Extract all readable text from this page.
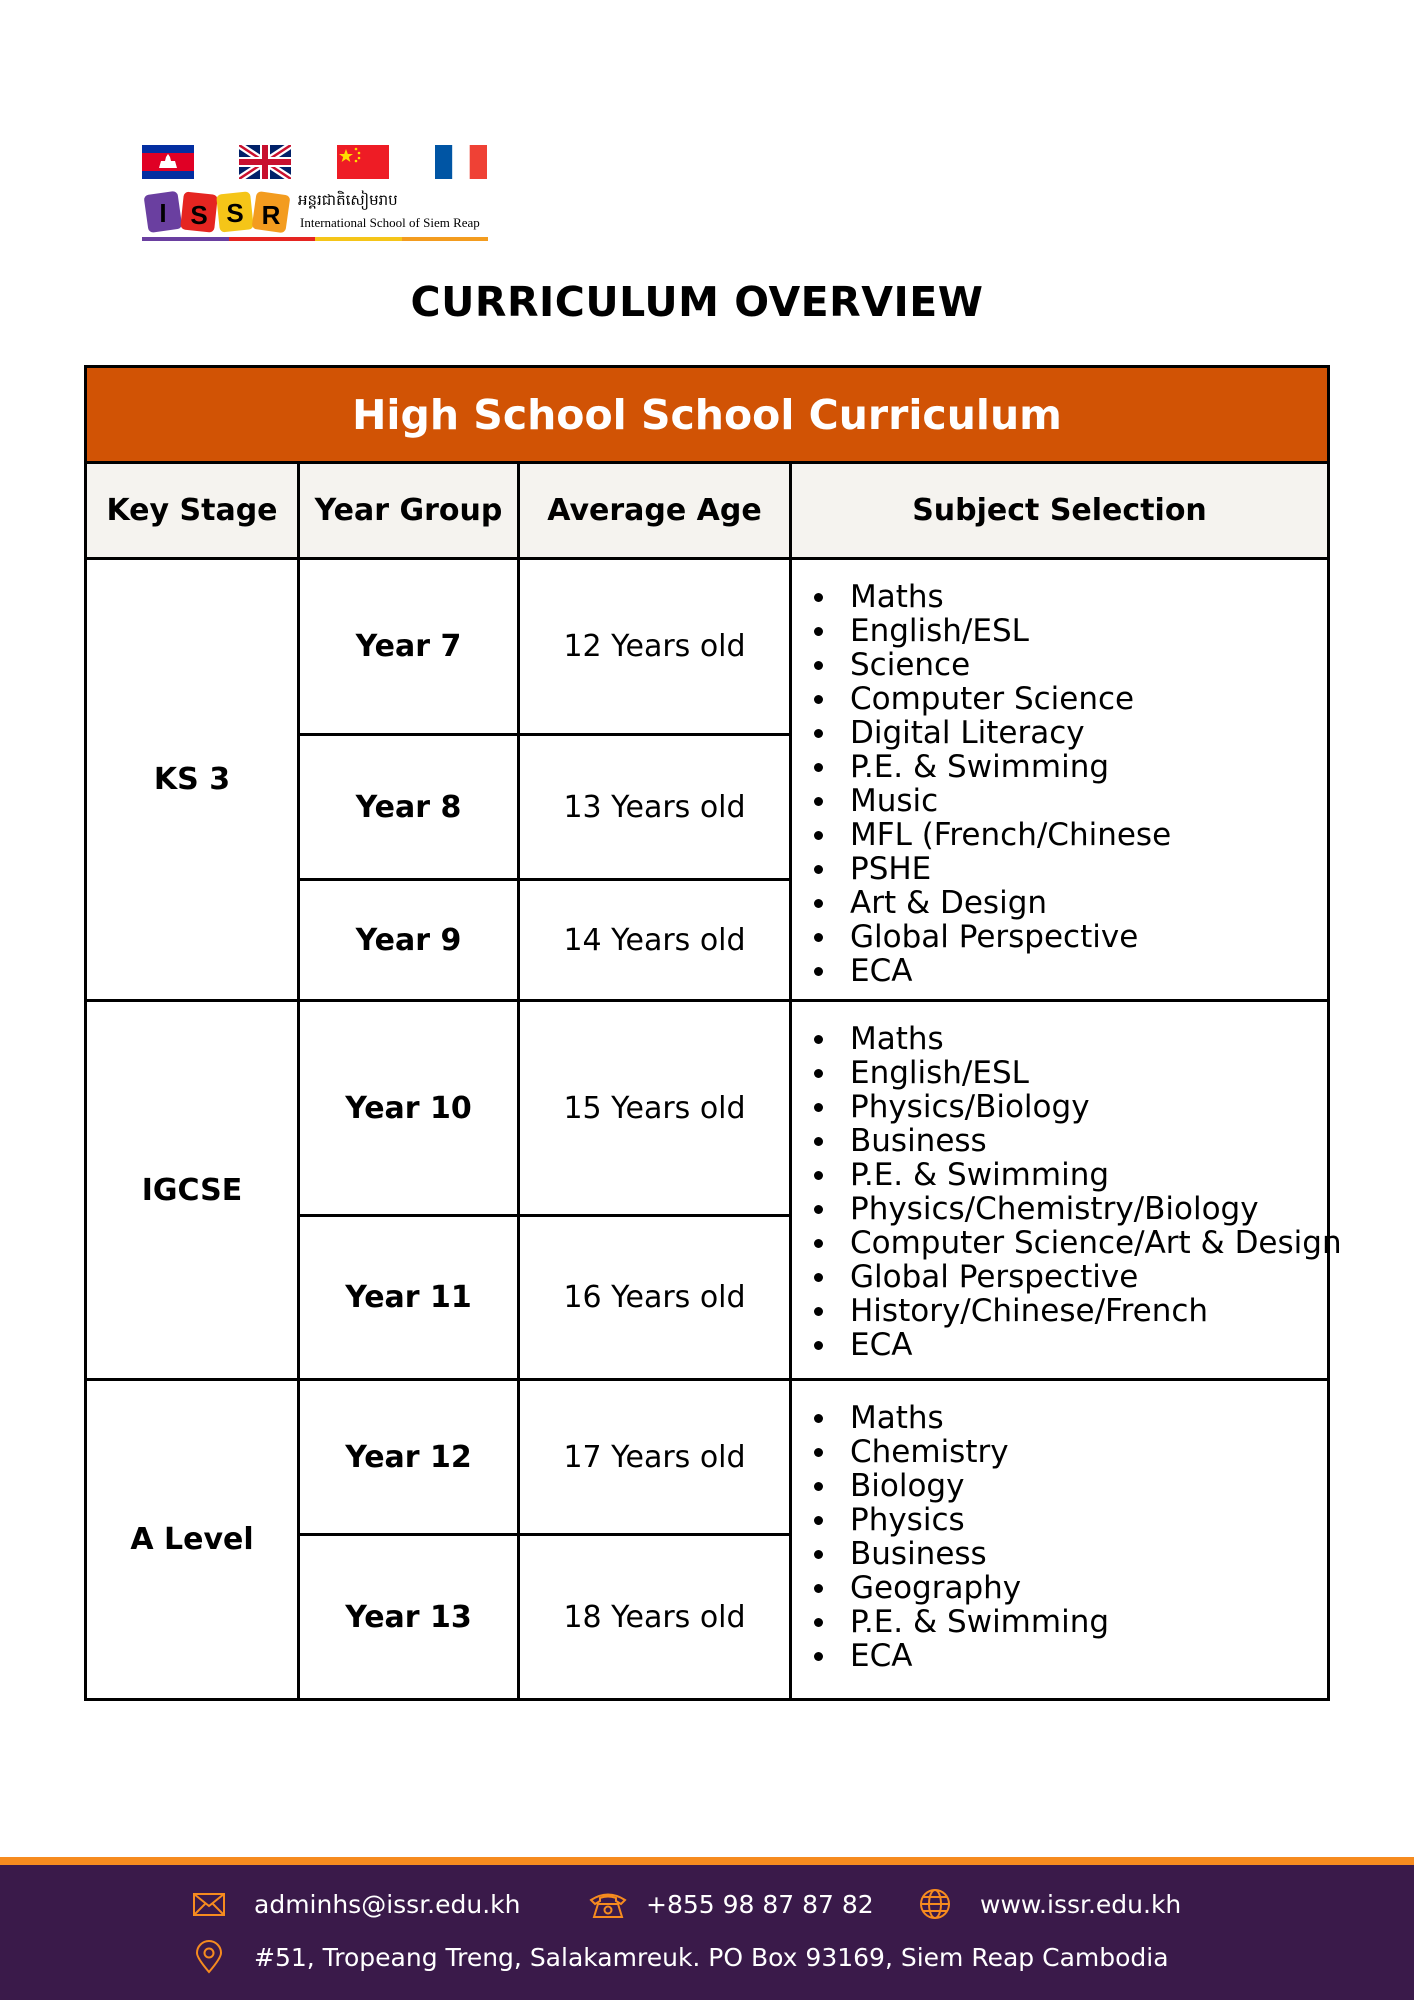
I S S R អន្តរជាតិសៀមរាប
International School of Siem Reap
CURRICULUM OVERVIEW
High School School Curriculum
Key Stage	Year Group	Average Age	Subject Selection
KS 3
Year 7	12 Years old
Year 8	13 Years old
Year 9	14 Years old
Maths
English/ESL
Science
Computer Science
Digital Literacy
P.E. & Swimming
Music
MFL (French/Chinese
PSHE
Art & Design
Global Perspective
ECA
IGCSE
Year 10	15 Years old
Year 11	16 Years old
Maths
English/ESL
Physics/Biology
Business
P.E. & Swimming
Physics/Chemistry/Biology
Computer Science/Art & Design
Global Perspective
History/Chinese/French
ECA
A Level
Year 12	17 Years old
Year 13	18 Years old
Maths
Chemistry
Biology
Physics
Business
Geography
P.E. & Swimming
ECA
adminhs@issr.edu.kh	+855 98 87 87 82	www.issr.edu.kh
#51, Tropeang Treng, Salakamreuk. PO Box 93169, Siem Reap Cambodia
